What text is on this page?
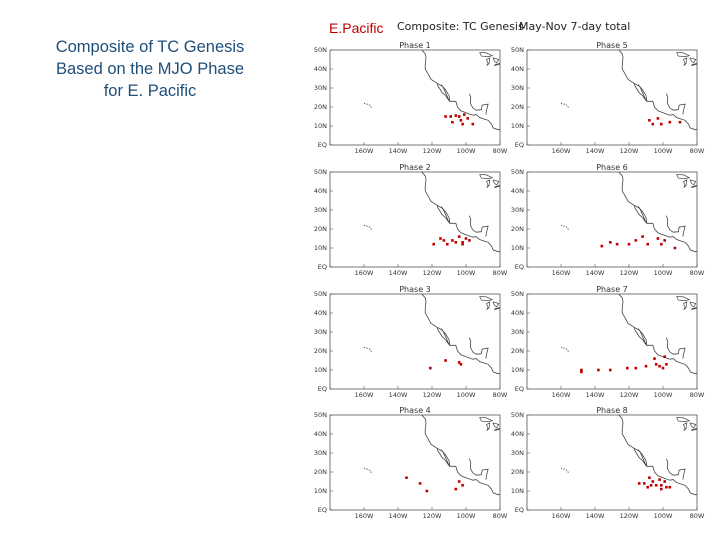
Composite of TC Genesis
Based on the MJO Phase
for E. Pacific
E.Pacific Composite: TC Genesis
May-Nov 7-day total
EQ
10N
20N
30N
40N
50N
160W 140W 120W 100W	80W
Phase 1
EQ
10N
20N
30N
40N
50N
160W 140W 120W 100W	80W
Phase 5
EQ
10N
20N
30N
40N
50N
160W 140W 120W 100W	80W
Phase 2
EQ
10N
20N
30N
40N
50N
160W 140W 120W 100W	80W
Phase 6
EQ
10N
20N
30N
40N
50N
160W 140W 120W 100W	80W
Phase 3
EQ
10N
20N
30N
40N
50N
160W 140W 120W 100W	80W
Phase 7
EQ
10N
20N
30N
40N
50N
160W 140W 120W 100W	80W
Phase 4
EQ
10N
20N
30N
40N
50N
160W 140W 120W 100W	80W
Phase 8
